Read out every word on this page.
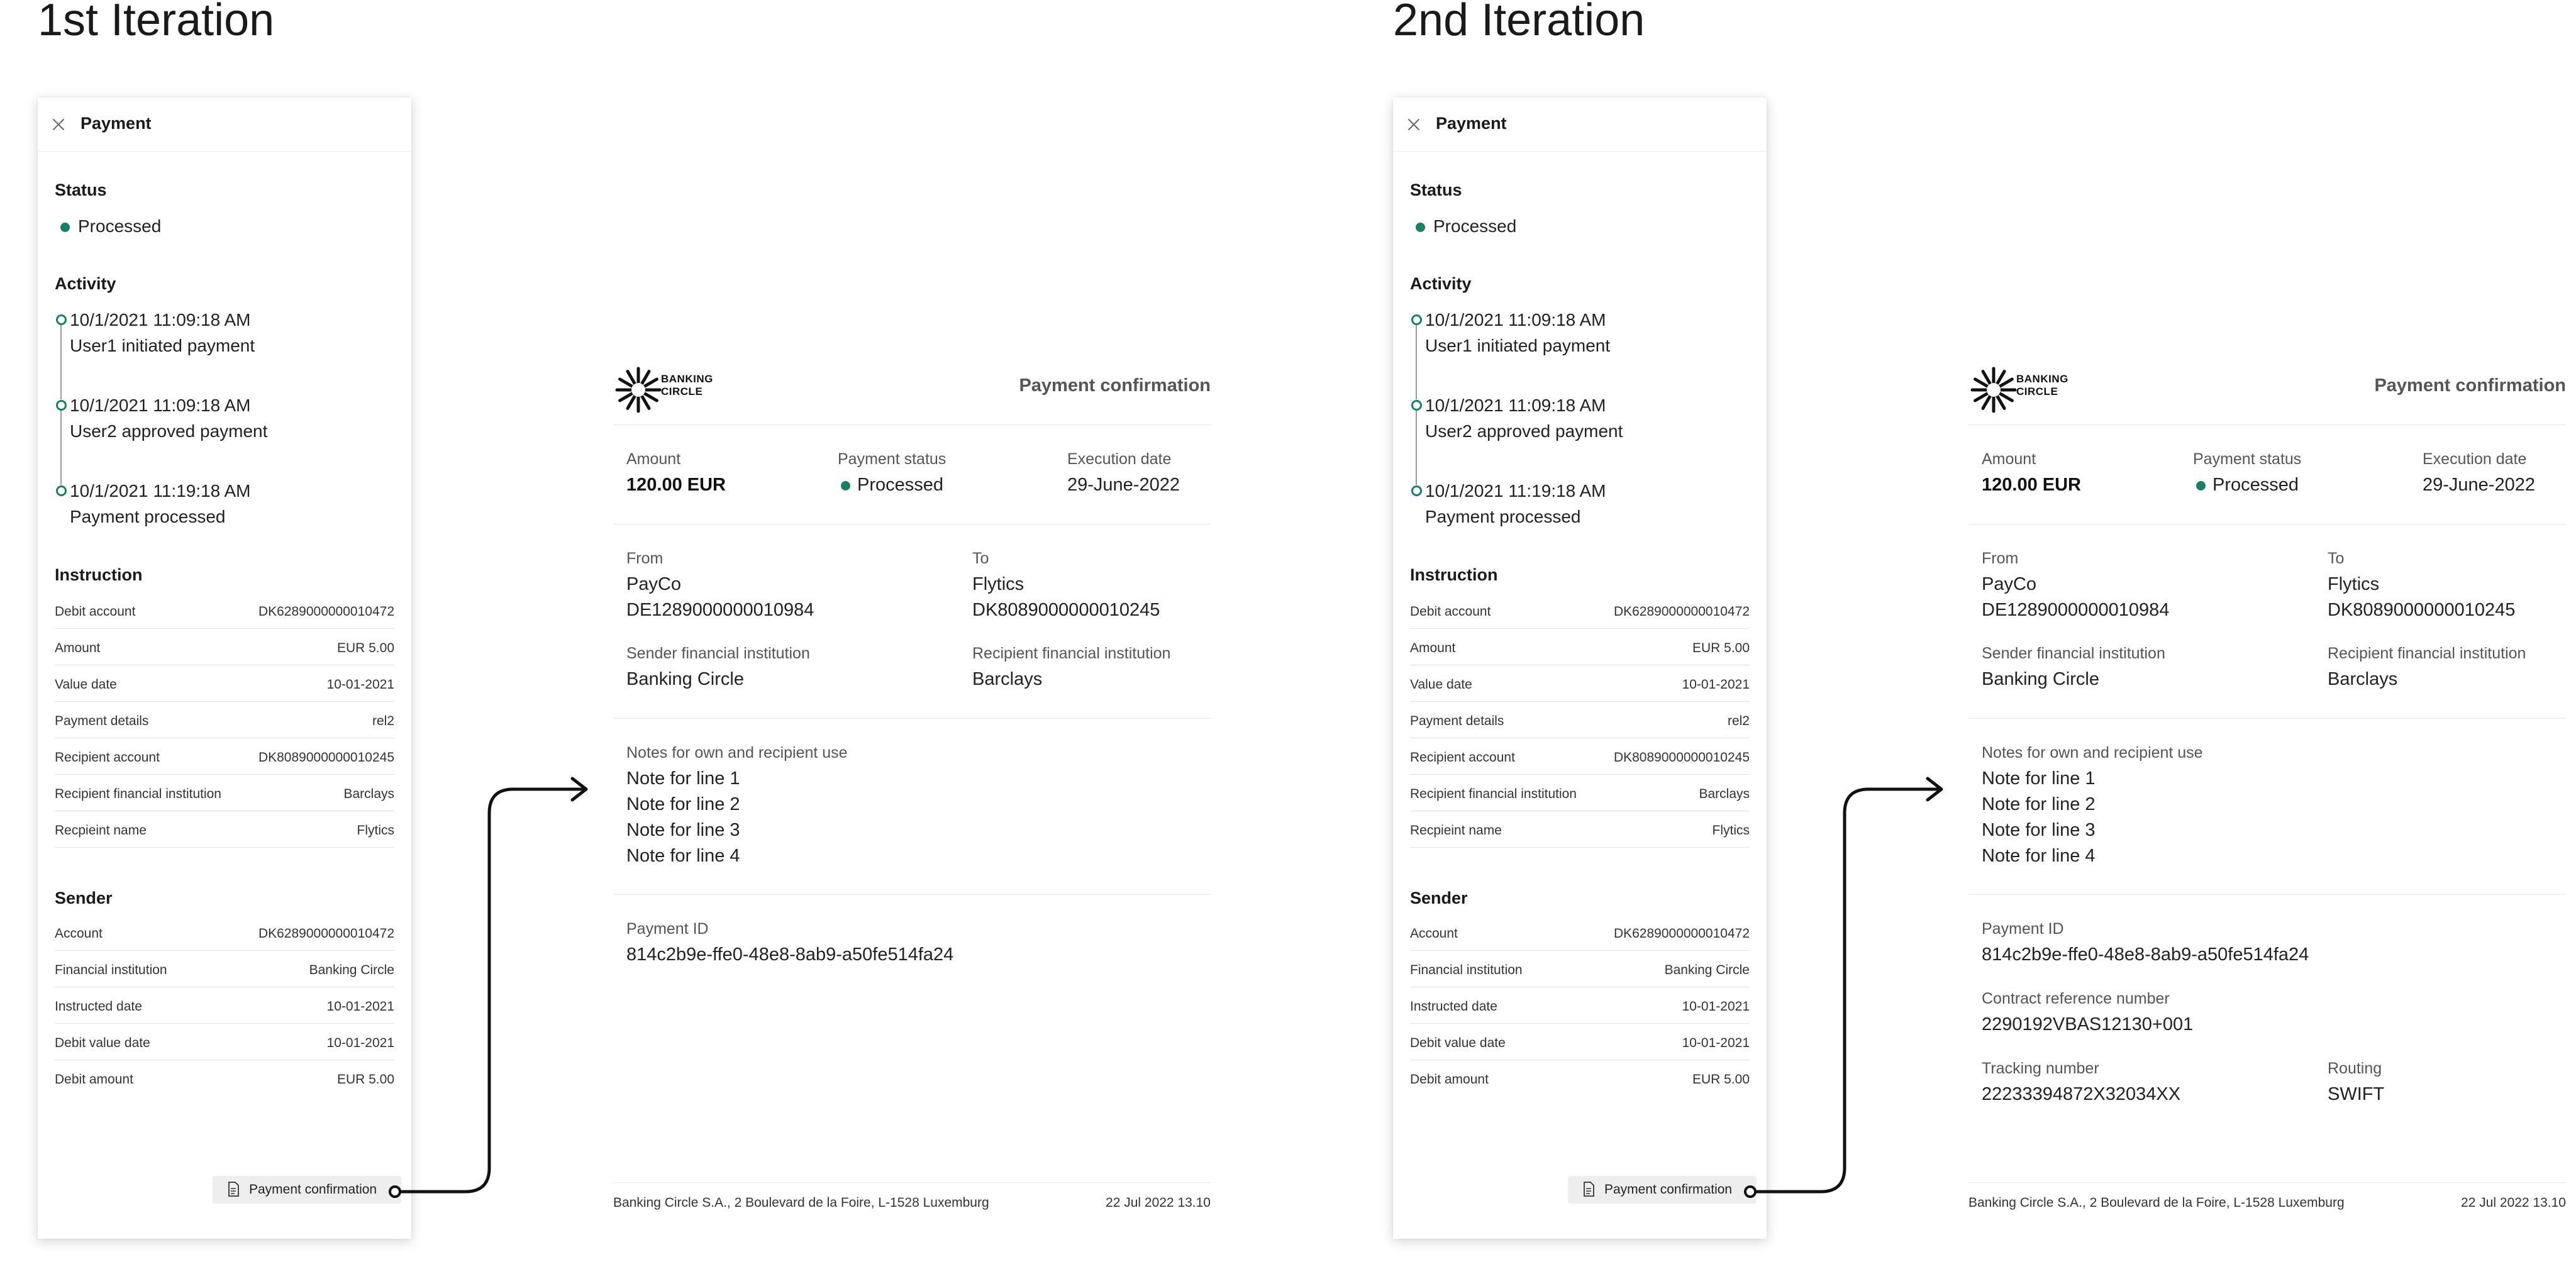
1st Iteration
Payment
Status
Processed
Activity
10/1/2021 11:09:18 AM
User1 initiated payment
10/1/2021 11:09:18 AM
User2 approved payment
10/1/2021 11:19:18 AM
Payment processed
Instruction
Debit account	DK6289000000010472
Amount	EUR 5.00
Value date	10-01-2021
Payment details	rel2
Recipient account	DK8089000000010245
Recipient financial institution	Barclays
Recpieint name	Flytics
Sender
Account	DK6289000000010472
Financial institution	Banking Circle
Instructed date	10-01-2021
Debit value date	10-01-2021
Debit amount	EUR 5.00
Payment confirmation
BANKING
CIRCLE	Payment confirmation
Amount
120.00 EUR
Payment status
Processed
Execution date
29-June-2022
From
PayCo
DE1289000000010984
To
Flytics
DK8089000000010245
Sender financial institution
Banking Circle
Recipient financial institution
Barclays
Notes for own and recipient use
Note for line 1
Note for line 2
Note for line 3
Note for line 4
Payment ID
814c2b9e-ffe0-48e8-8ab9-a50fe514fa24
Banking Circle S.A., 2 Boulevard de la Foire, L-1528 Luxemburg	22 Jul 2022 13.10
2nd Iteration
Payment
Status
Processed
Activity
10/1/2021 11:09:18 AM
User1 initiated payment
10/1/2021 11:09:18 AM
User2 approved payment
10/1/2021 11:19:18 AM
Payment processed
Instruction
Debit account	DK6289000000010472
Amount	EUR 5.00
Value date	10-01-2021
Payment details	rel2
Recipient account	DK8089000000010245
Recipient financial institution	Barclays
Recpieint name	Flytics
Sender
Account	DK6289000000010472
Financial institution	Banking Circle
Instructed date	10-01-2021
Debit value date	10-01-2021
Debit amount	EUR 5.00
Payment confirmation
BANKING
CIRCLE	Payment confirmation
Amount
120.00 EUR
Payment status
Processed
Execution date
29-June-2022
From
PayCo
DE1289000000010984
To
Flytics
DK8089000000010245
Sender financial institution
Banking Circle
Recipient financial institution
Barclays
Notes for own and recipient use
Note for line 1
Note for line 2
Note for line 3
Note for line 4
Payment ID
814c2b9e-ffe0-48e8-8ab9-a50fe514fa24
Contract reference number
2290192VBAS12130+001
Tracking number
22233394872X32034XX
Routing
SWIFT
Banking Circle S.A., 2 Boulevard de la Foire, L-1528 Luxemburg	22 Jul 2022 13.10
